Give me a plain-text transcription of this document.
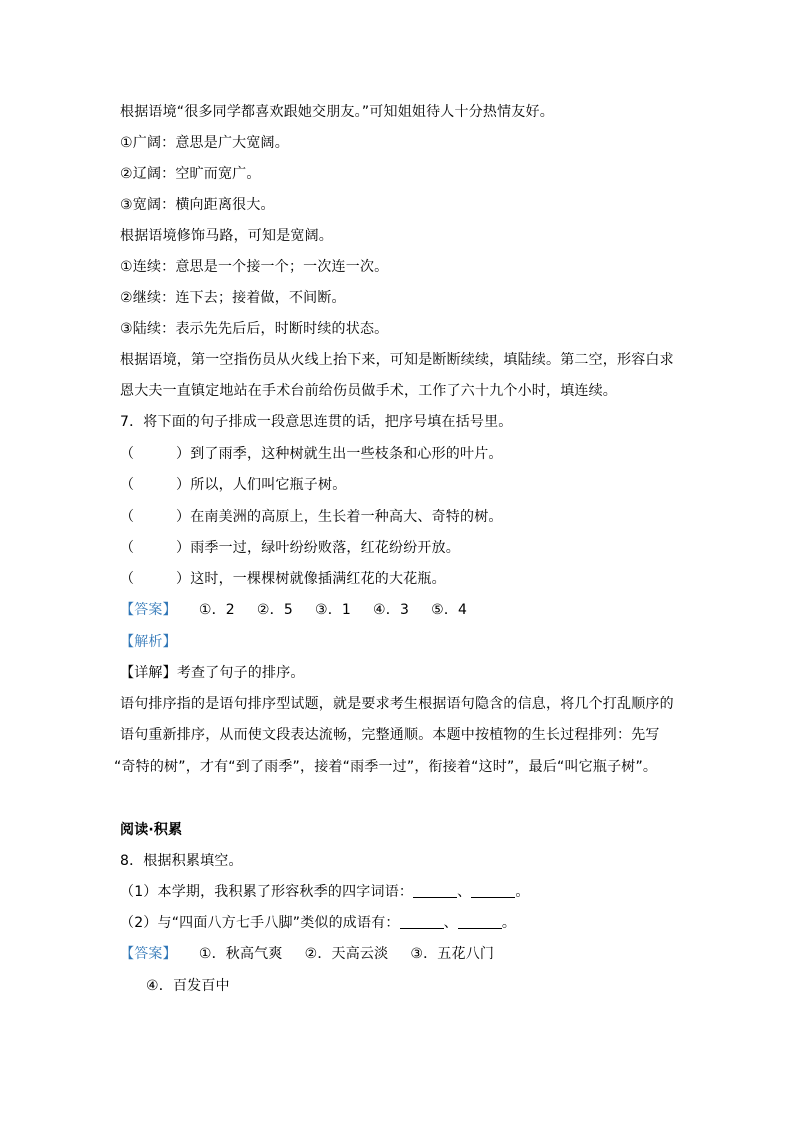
根据语境“很多同学都喜欢跟她交朋友。”可知姐姐待人十分热情友好。
①广阔：意思是广大宽阔。
②辽阔：空旷而宽广。
③宽阔：横向距离很大。
根据语境修饰马路，可知是宽阔。
①连续：意思是一个接一个；一次连一次。
②继续：连下去；接着做，不间断。
③陆续：表示先先后后，时断时续的状态。
根据语境，第一空指伤员从火线上抬下来，可知是断断续续，填陆续。第二空，形容白求
恩大夫一直镇定地站在手术台前给伤员做手术，工作了六十九个小时，填连续。
7．将下面的句子排成一段意思连贯的话，把序号填在括号里。
（	）到了雨季，这种树就生出一些枝条和心形的叶片。
（	）所以，人们叫它瓶子树。
（	）在南美洲的高原上，生长着一种高大、奇特的树。
（	）雨季一过，绿叶纷纷败落，红花纷纷开放。
（	）这时，一棵棵树就像插满红花的大花瓶。
【答案】 ①．2 ②．5 ③．1 ④．3 ⑤．4
【解析】
【详解】考查了句子的排序。
语句排序指的是语句排序型试题，就是要求考生根据语句隐含的信息，将几个打乱顺序的
语句重新排序，从而使文段表达流畅，完整通顺。本题中按植物的生长过程排列：先写
“奇特的树”，才有“到了雨季”，接着“雨季一过”，衔接着“这时”，最后“叫它瓶子树”。
阅读·积累
8．根据积累填空。
（1）本学期，我积累了形容秋季的四字词语：	、	。
（2）与“四面八方七手八脚”类似的成语有：	、	。
【答案】 ①．秋高气爽 ②．天高云淡 ③．五花八门
④．百发百中
